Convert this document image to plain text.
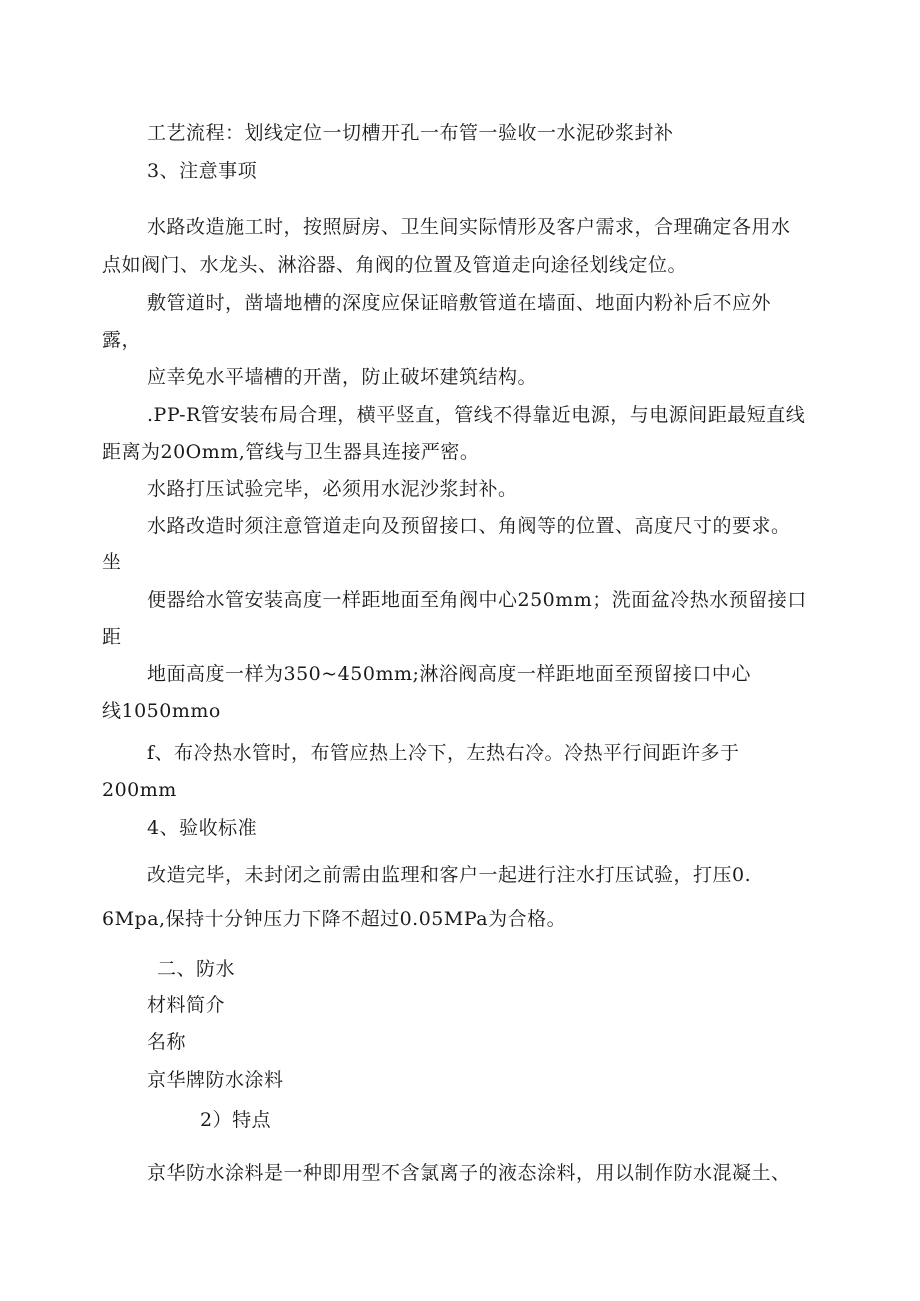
工艺流程：划线定位一切槽开孔一布管一验收一水泥砂浆封补
3、注意事项
水路改造施工时，按照厨房、卫生间实际情形及客户需求，合理确定各用水
点如阀门、水龙头、淋浴器、角阀的位置及管道走向途径划线定位。
敷管道时，凿墙地槽的深度应保证暗敷管道在墙面、地面内粉补后不应外
露，
应幸免水平墙槽的开凿，防止破坏建筑结构。
.PP-R管安装布局合理，横平竖直，管线不得靠近电源，与电源间距最短直线
距离为20Omm,管线与卫生器具连接严密。
水路打压试验完毕，必须用水泥沙浆封补。
水路改造时须注意管道走向及预留接口、角阀等的位置、高度尺寸的要求。
坐
便器给水管安装高度一样距地面至角阀中心250mm；洗面盆冷热水预留接口
距
地面高度一样为350~450mm;淋浴阀高度一样距地面至预留接口中心
线1050mmo
f、布冷热水管时，布管应热上冷下，左热右冷。冷热平行间距许多于
200mm
4、验收标准
改造完毕，未封闭之前需由监理和客户一起进行注水打压试验，打压0.
6Mpa,保持十分钟压力下降不超过0.05MPa为合格。
二、防水
材料简介
名称
京华牌防水涂料
2）特点
京华防水涂料是一种即用型不含氯离子的液态涂料，用以制作防水混凝土、
